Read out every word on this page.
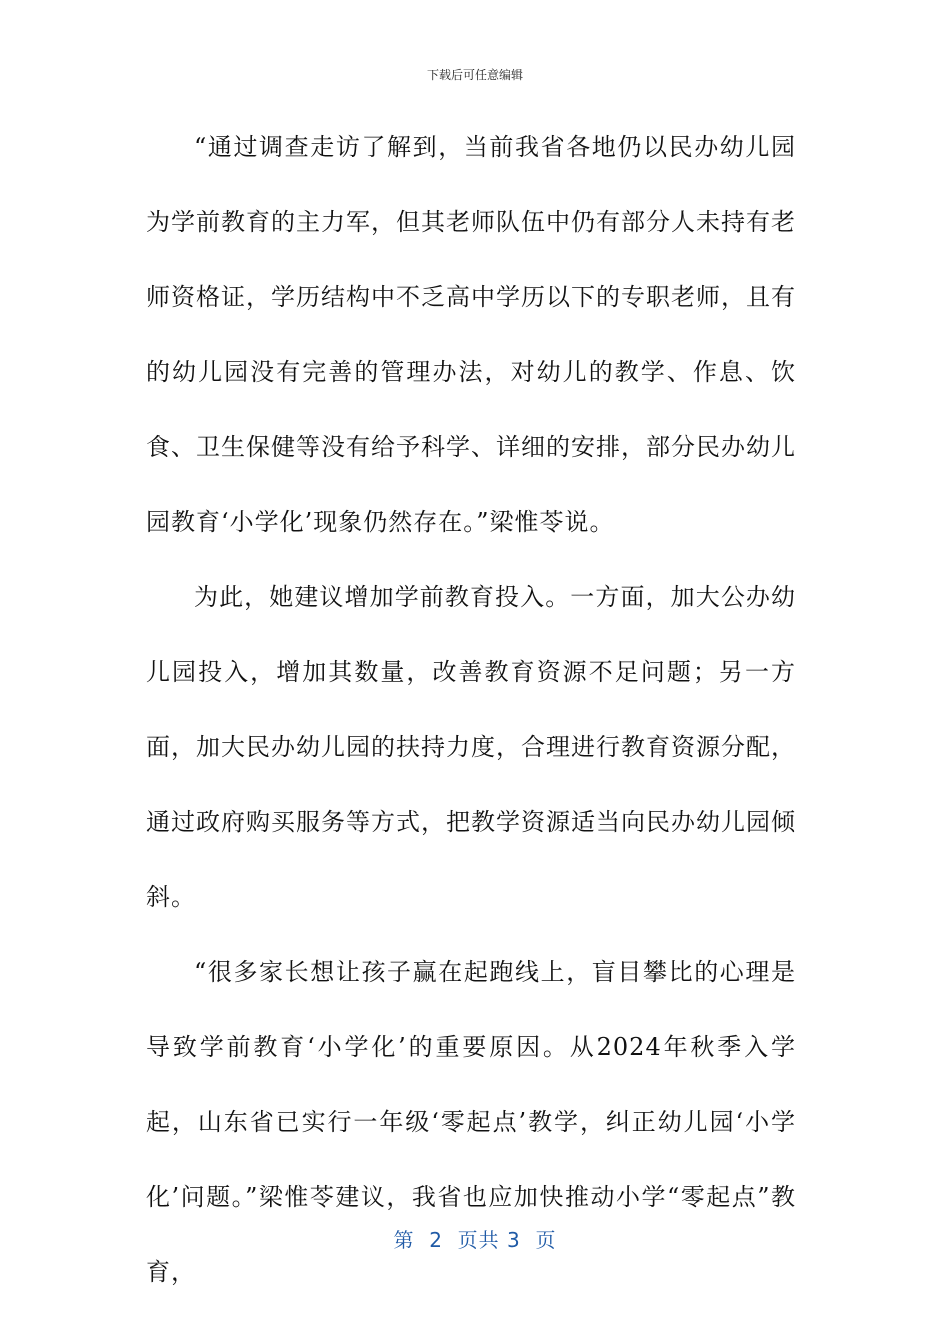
下载后可任意编辑

“通过调查走访了解到，当前我省各地仍以民办幼儿园为学前教育的主力军，但其老师队伍中仍有部分人未持有老师资格证，学历结构中不乏高中学历以下的专职老师，且有的幼儿园没有完善的管理办法，对幼儿的教学、作息、饮食、卫生保健等没有给予科学、详细的安排，部分民办幼儿园教育‘小学化’现象仍然存在。”梁惟苓说。

为此，她建议增加学前教育投入。一方面，加大公办幼儿园投入，增加其数量，改善教育资源不足问题；另一方面，加大民办幼儿园的扶持力度，合理进行教育资源分配，通过政府购买服务等方式，把教学资源适当向民办幼儿园倾斜。

“很多家长想让孩子赢在起跑线上，盲目攀比的心理是导致学前教育‘小学化’的重要原因。从2024年秋季入学起，山东省已实行一年级‘零起点’教学，纠正幼儿园‘小学化’问题。”梁惟苓建议，我省也应加快推动小学“零起点”教育，

第  2  页共 3  页
